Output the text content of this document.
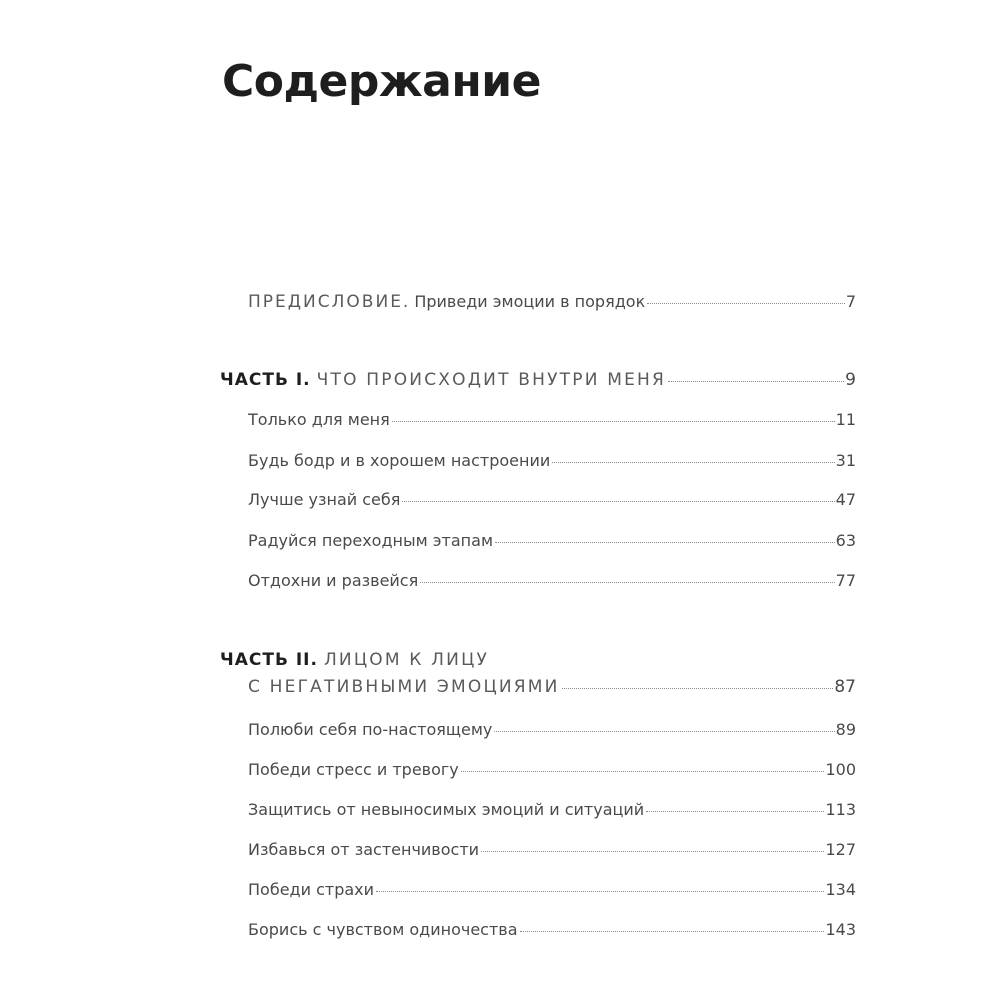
Содержание
ПРЕДИСЛОВИЕ. Приведи эмоции в порядок	7
ЧАСТЬ I. ЧТО ПРОИСХОДИТ ВНУТРИ МЕНЯ	9
Только для меня	11
Будь бодр и в хорошем настроении	31
Лучше узнай себя	47
Радуйся переходным этапам	63
Отдохни и развейся	77
ЧАСТЬ II. ЛИЦОМ К ЛИЦУ
С НЕГАТИВНЫМИ ЭМОЦИЯМИ	87
Полюби себя по-настоящему	89
Победи стресс и тревогу	100
Защитись от невыносимых эмоций и ситуаций	113
Избавься от застенчивости	127
Победи страхи	134
Борись с чувством одиночества	143
